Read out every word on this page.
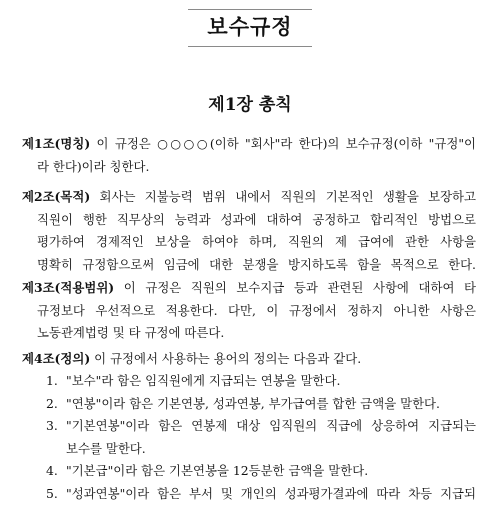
보수규정
제1장 총칙
제1조(명칭) 이 규정은 ○○○○(이하 "회사"라 한다)의 보수규정(이하 "규정"이
라 한다)이라 칭한다.
제2조(목적) 회사는 지불능력 범위 내에서 직원의 기본적인 생활을 보장하고
직원이 행한 직무상의 능력과 성과에 대하여 공정하고 합리적인 방법으로
평가하여 경제적인 보상을 하여야 하며, 직원의 제 급여에 관한 사항을
명확히 규정함으로써 임금에 대한 분쟁을 방지하도록 함을 목적으로 한다.
제3조(적용범위) 이 규정은 직원의 보수지급 등과 관련된 사항에 대하여 타
규정보다 우선적으로 적용한다. 다만, 이 규정에서 정하지 아니한 사항은
노동관계법령 및 타 규정에 따른다.
제4조(정의) 이 규정에서 사용하는 용어의 정의는 다음과 같다.
1. "보수"라 함은 임직원에게 지급되는 연봉을 말한다.
2. "연봉"이라 함은 기본연봉, 성과연봉, 부가급여를 합한 금액을 말한다.
3. "기본연봉"이라 함은 연봉제 대상 임직원의 직급에 상응하여 지급되는
보수를 말한다.
4. "기본급"이라 함은 기본연봉을 12등분한 금액을 말한다.
5. "성과연봉"이라 함은 부서 및 개인의 성과평가결과에 따라 차등 지급되
